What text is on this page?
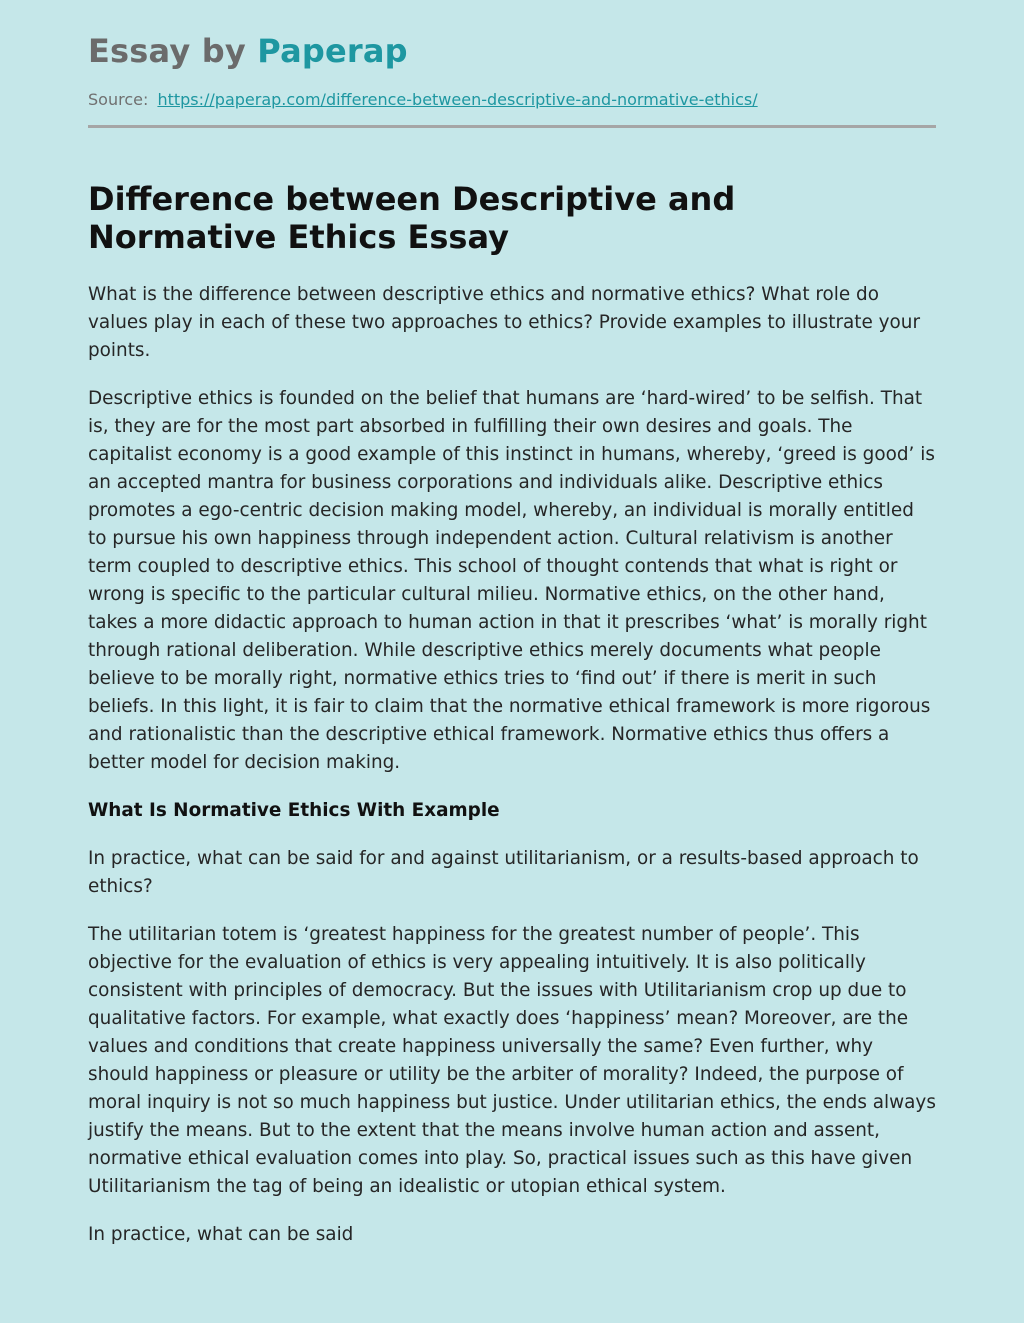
Essay by Paperap
Source: https://paperap.com/difference-between-descriptive-and-normative-ethics/
Difference between Descriptive and Normative Ethics Essay

What is the difference between descriptive ethics and normative ethics? What role do values play in each of these two approaches to ethics? Provide examples to illustrate your points.

Descriptive ethics is founded on the belief that humans are ‘hard-wired’ to be selfish. That is, they are for the most part absorbed in fulfilling their own desires and goals. The capitalist economy is a good example of this instinct in humans, whereby, ‘greed is good’ is an accepted mantra for business corporations and individuals alike. Descriptive ethics promotes a ego-centric decision making model, whereby, an individual is morally entitled to pursue his own happiness through independent action. Cultural relativism is another term coupled to descriptive ethics. This school of thought contends that what is right or wrong is specific to the particular cultural milieu. Normative ethics, on the other hand, takes a more didactic approach to human action in that it prescribes ‘what’ is morally right through rational deliberation. While descriptive ethics merely documents what people believe to be morally right, normative ethics tries to ‘find out’ if there is merit in such beliefs. In this light, it is fair to claim that the normative ethical framework is more rigorous and rationalistic than the descriptive ethical framework. Normative ethics thus offers a better model for decision making.

What Is Normative Ethics With Example

In practice, what can be said for and against utilitarianism, or a results-based approach to ethics?

The utilitarian totem is ‘greatest happiness for the greatest number of people’. This objective for the evaluation of ethics is very appealing intuitively. It is also politically consistent with principles of democracy. But the issues with Utilitarianism crop up due to qualitative factors. For example, what exactly does ‘happiness’ mean? Moreover, are the values and conditions that create happiness universally the same? Even further, why should happiness or pleasure or utility be the arbiter of morality? Indeed, the purpose of moral inquiry is not so much happiness but justice. Under utilitarian ethics, the ends always justify the means. But to the extent that the means involve human action and assent, normative ethical evaluation comes into play. So, practical issues such as this have given Utilitarianism the tag of being an idealistic or utopian ethical system.

In practice, what can be said
